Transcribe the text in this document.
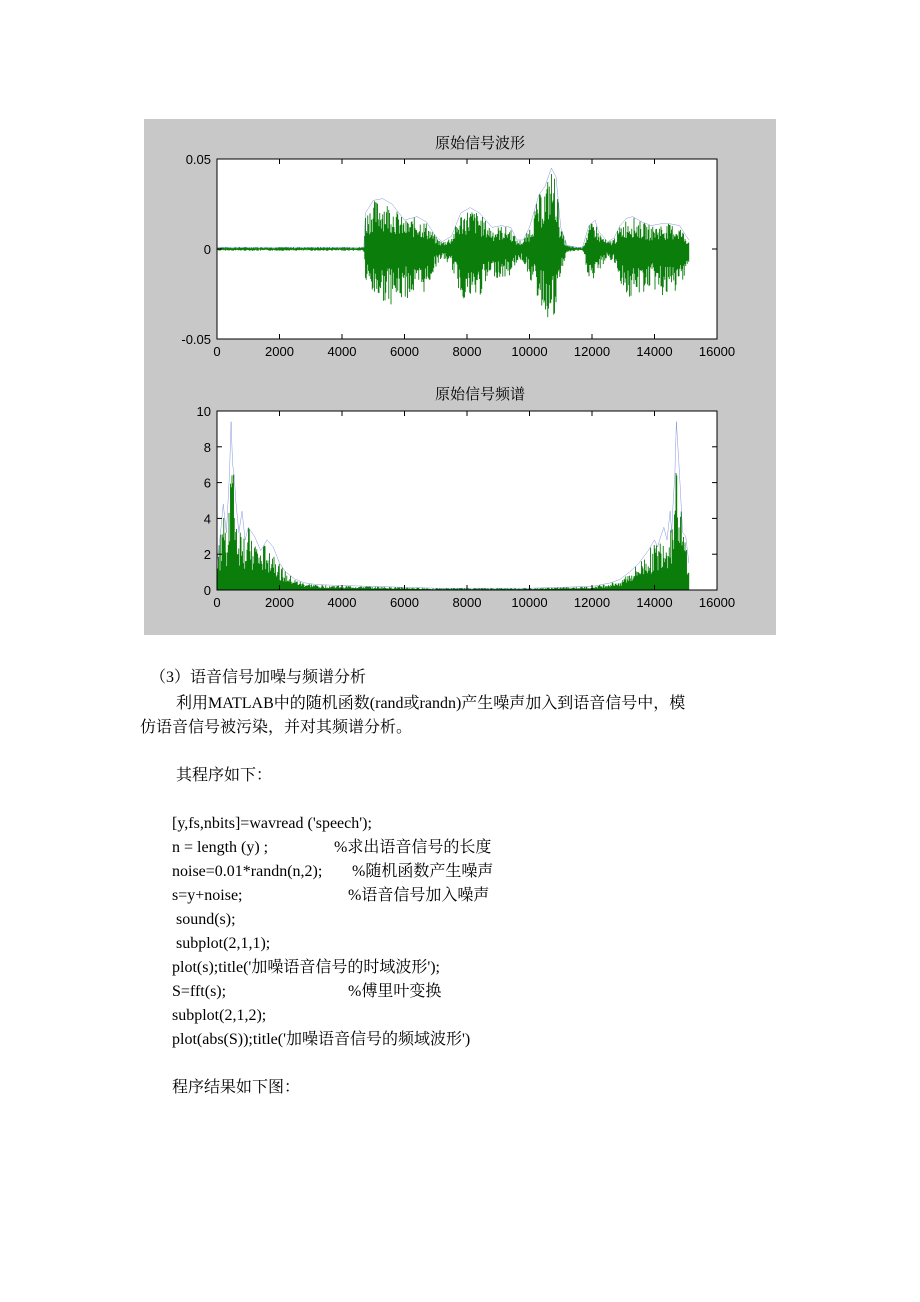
0	2000	4000	6000	8000 10000 12000 14000 16000
0.05
0
-0.05
原始信号波形
0	2000	4000	6000	8000 10000 12000 14000 16000
10
8
6
4
2
0
原始信号频谱
（3）语音信号加噪与频谱分析
利用MATLAB中的随机函数(rand或randn)产生噪声加入到语音信号中，模
仿语音信号被污染，并对其频谱分析。
其程序如下：
[y,fs,nbits]=wavread ('speech');
n = length (y) ;	%求出语音信号的长度
noise=0.01*randn(n,2); %随机函数产生噪声
s=y+noise;	%语音信号加入噪声
sound(s);
subplot(2,1,1);
plot(s);title('加噪语音信号的时域波形');
S=fft(s);	%傅里叶变换
subplot(2,1,2);
plot(abs(S));title('加噪语音信号的频域波形')
程序结果如下图：
